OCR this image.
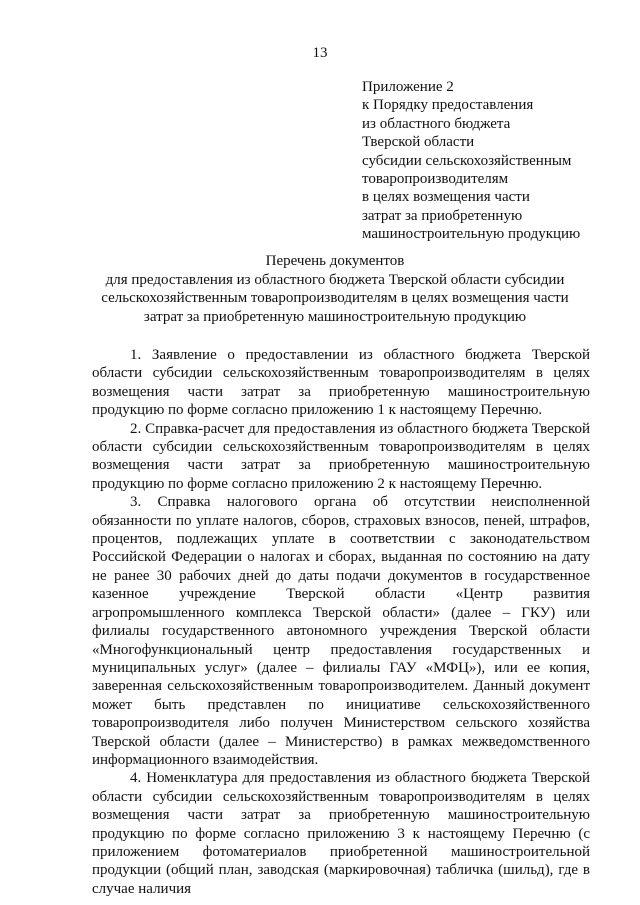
13
Приложение 2
к Порядку предоставления
из областного бюджета
Тверской области
субсидии сельскохозяйственным
товаропроизводителям
в целях возмещения части
затрат за приобретенную
машиностроительную продукцию
Перечень документов
для предоставления из областного бюджета Тверской области субсидии
сельскохозяйственным товаропроизводителям в целях возмещения части
затрат за приобретенную машиностроительную продукцию

1. Заявление о предоставлении из областного бюджета Тверской области субсидии сельскохозяйственным товаропроизводителям в целях возмещения части затрат за приобретенную машиностроительную продукцию по форме согласно приложению 1 к настоящему Перечню.

2. Справка-расчет для предоставления из областного бюджета Тверской области субсидии сельскохозяйственным товаропроизводителям в целях возмещения части затрат за приобретенную машиностроительную продукцию по форме согласно приложению 2 к настоящему Перечню.

3. Справка налогового органа об отсутствии неисполненной обязанности по уплате налогов, сборов, страховых взносов, пеней, штрафов, процентов, подлежащих уплате в соответствии с законодательством Российской Федерации о налогах и сборах, выданная по состоянию на дату не ранее 30 рабочих дней до даты подачи документов в государственное казенное учреждение Тверской области «Центр развития агропромышленного комплекса Тверской области» (далее – ГКУ) или филиалы государственного автономного учреждения Тверской области «Многофункциональный центр предоставления государственных и муниципальных услуг» (далее – филиалы ГАУ «МФЦ»), или ее копия, заверенная сельскохозяйственным товаропроизводителем. Данный документ может быть представлен по инициативе сельскохозяйственного товаропроизводителя либо получен Министерством сельского хозяйства Тверской области (далее – Министерство) в рамках межведомственного информационного взаимодействия.

4. Номенклатура для предоставления из областного бюджета Тверской области субсидии сельскохозяйственным товаропроизводителям в целях возмещения части затрат за приобретенную машиностроительную продукцию по форме согласно приложению 3 к настоящему Перечню (с приложением фотоматериалов приобретенной машиностроительной продукции (общий план, заводская (маркировочная) табличка (шильд), где в случае наличия
